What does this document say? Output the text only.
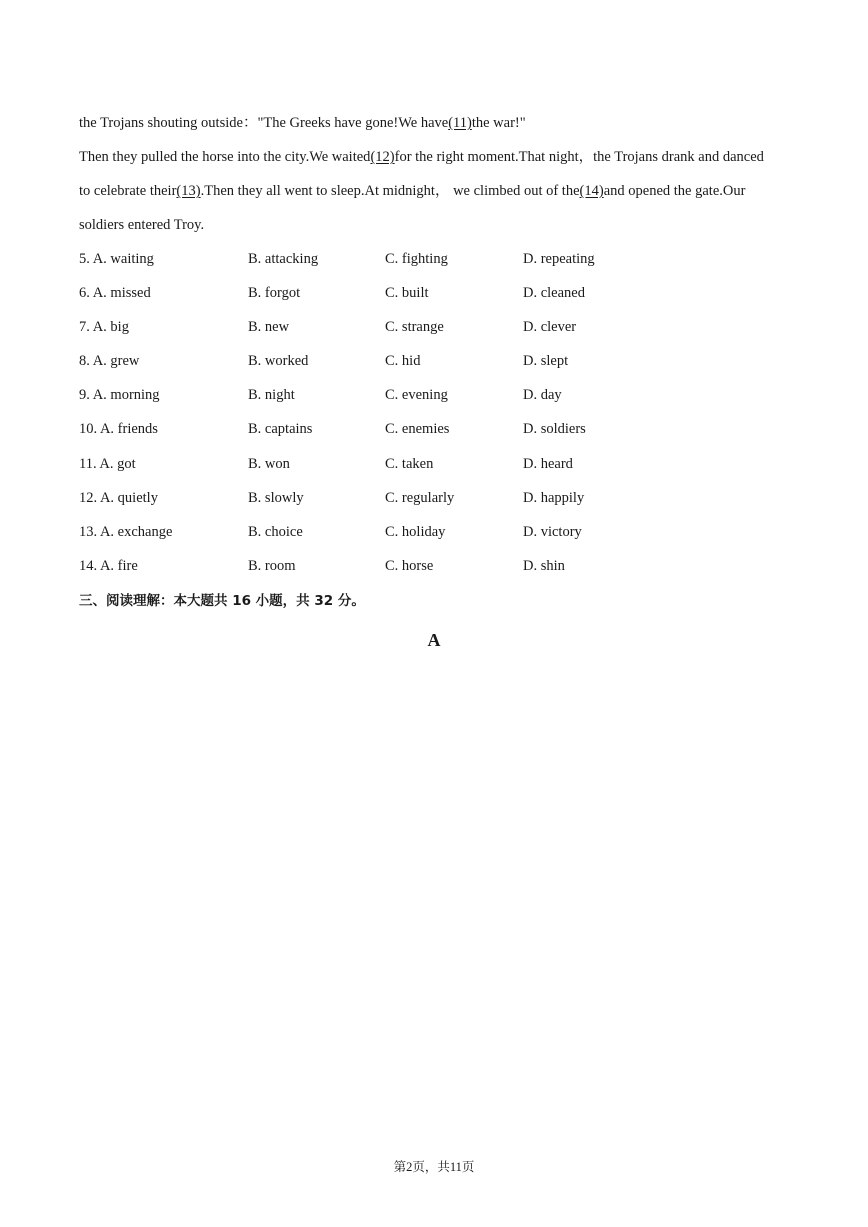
the Trojans shouting outside："The Greeks have gone!We have(11)the war!"
Then they pulled the horse into the city.We waited(12)for the right moment.That night，the Trojans drank and danced
to celebrate their(13).Then they all went to sleep.At midnight， we climbed out of the(14)and opened the gate.Our
soldiers entered Troy.
5. A. waiting	B. attacking	C. fighting	D. repeating
6. A. missed	B. forgot	C. built	D. cleaned
7. A. big	B. new	C. strange	D. clever
8. A. grew	B. worked	C. hid	D. slept
9. A. morning	B. night	C. evening	D. day
10. A. friends	B. captains	C. enemies	D. soldiers
11. A. got	B. won	C. taken	D. heard
12. A. quietly	B. slowly	C. regularly	D. happily
13. A. exchange	B. choice	C. holiday	D. victory
14. A. fire	B. room	C. horse	D. shin
三、阅读理解：本大题共 16 小题，共 32 分。
A
第2页，共11页
